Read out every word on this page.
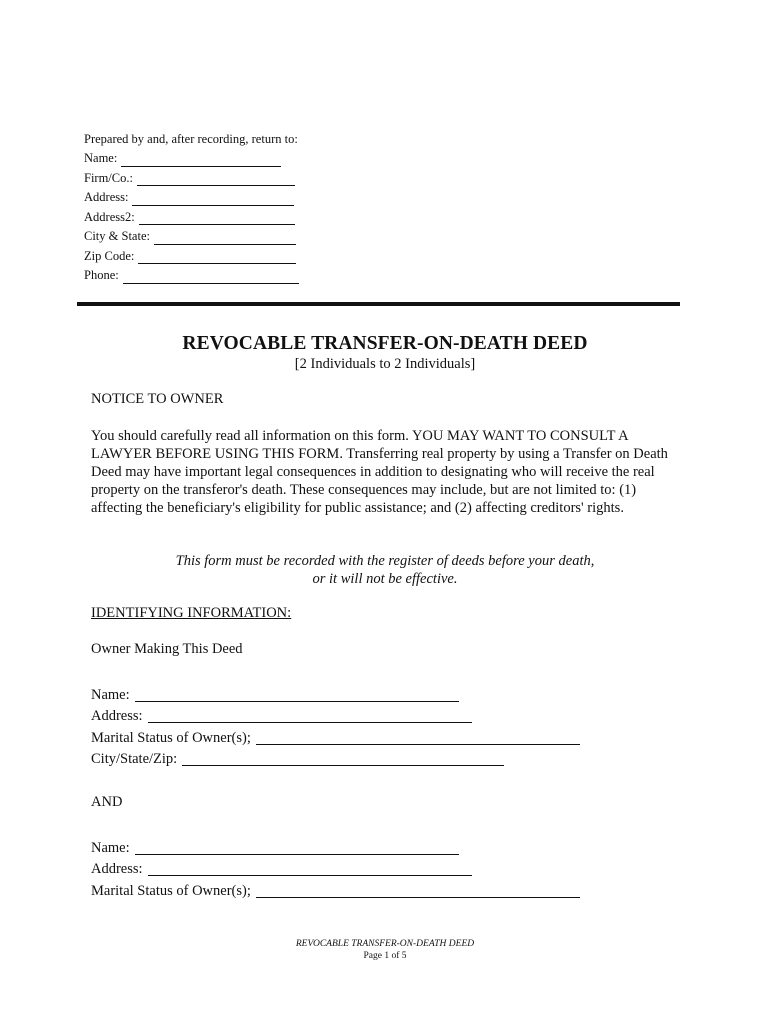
Prepared by and, after recording, return to:
Name:
Firm/Co.:
Address:
Address2:
City & State:
Zip Code:
Phone:
REVOCABLE TRANSFER-ON-DEATH DEED
[2 Individuals to 2 Individuals]
NOTICE TO OWNER
You should carefully read all information on this form. YOU MAY WANT TO CONSULT A LAWYER BEFORE USING THIS FORM. Transferring real property by using a Transfer on Death Deed may have important legal consequences in addition to designating who will receive the real property on the transferor's death. These consequences may include, but are not limited to: (1) affecting the beneficiary's eligibility for public assistance; and (2) affecting creditors' rights.
This form must be recorded with the register of deeds before your death,
or it will not be effective.
IDENTIFYING INFORMATION:
Owner Making This Deed
Name:
Address:
Marital Status of Owner(s);
City/State/Zip:
AND
Name:
Address:
Marital Status of Owner(s);
REVOCABLE TRANSFER-ON-DEATH DEED
Page 1 of 5
